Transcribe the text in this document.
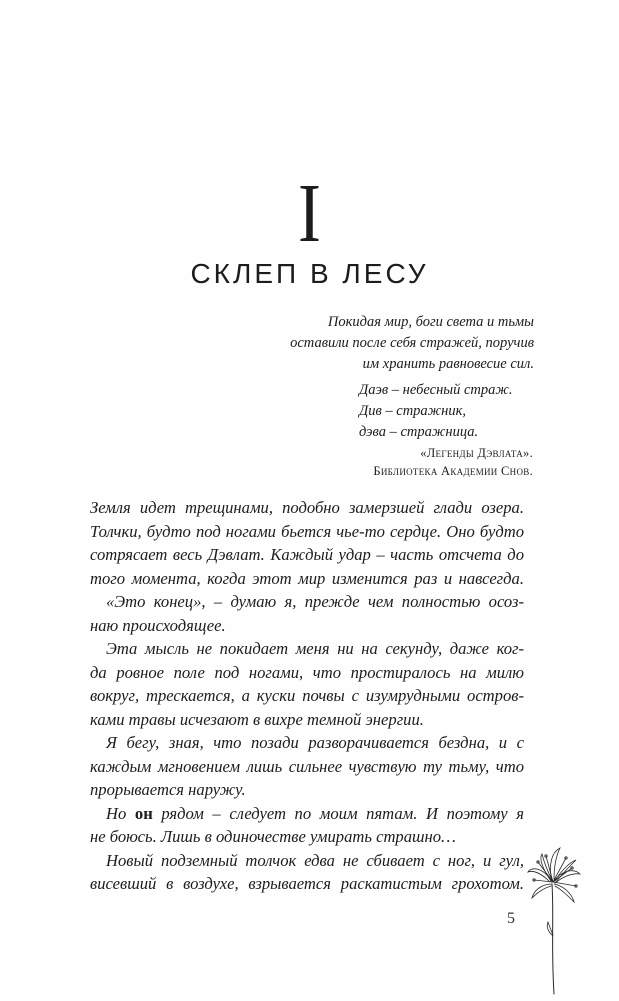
I
СКЛЕП В ЛЕСУ
Покидая мир, боги света и тьмы
оставили после себя стражей, поручив
им хранить равновесие сил.
Даэв – небесный страж.
Див – стражник,
дэва – стражница.
«Легенды Дэвлата».
Библиотека Академии Снов.
Земля идет трещинами, подобно замерзшей глади озера.
Толчки, будто под ногами бьется чье-то сердце. Оно будто
сотрясает весь Дэвлат. Каждый удар – часть отсчета до
того момента, когда этот мир изменится раз и навсегда.
«Это конец», – думаю я, прежде чем полностью осоз-
наю происходящее.
Эта мысль не покидает меня ни на секунду, даже ког-
да ровное поле под ногами, что простиралось на милю
вокруг, трескается, а куски почвы с изумрудными остров-
ками травы исчезают в вихре темной энергии.
Я бегу, зная, что позади разворачивается бездна, и с
каждым мгновением лишь сильнее чувствую ту тьму, что
прорывается наружу.
Но он рядом – следует по моим пятам. И поэтому я
не боюсь. Лишь в одиночестве умирать страшно…
Новый подземный толчок едва не сбивает с ног, и гул,
висевший в воздухе, взрывается раскатистым грохотом.
5
